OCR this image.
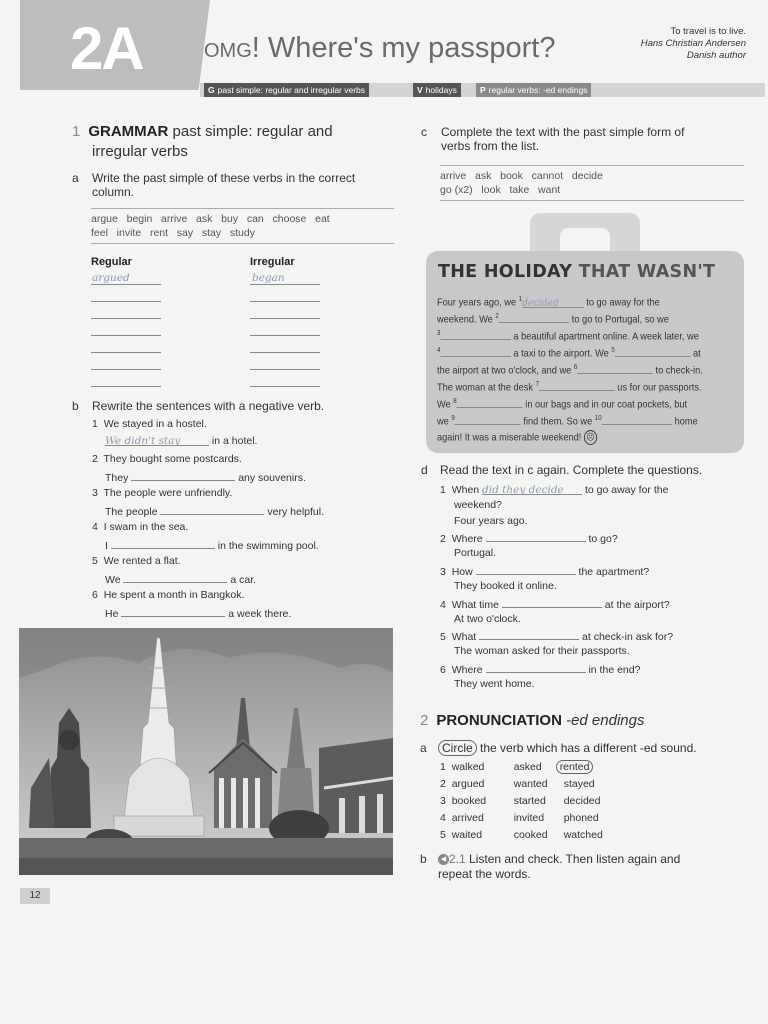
2A	OMG! Where's my passport?
To travel is to live.
Hans Christian Andersen
Danish author
G past simple: regular and irregular verbs	V holidays	P regular verbs: -ed endings
1 GRAMMAR past simple: regular and
irregular verbs
a Write the past simple of these verbs in the correct
column.
argue   begin   arrive   ask   buy   can   choose   eat
feel   invite   rent   say   stay   study
Regular	Irregular
argued	began
b Rewrite the sentences with a negative verb.
1 We stayed in a hostel.
We didn't stay	in a hotel.
2 They bought some postcards.
They	any souvenirs.
3 The people were unfriendly.
The people	very helpful.
4 I swam in the sea.
I	in the swimming pool.
5 We rented a flat.
We	a car.
6 He spent a month in Bangkok.
He	a week there.
12
c Complete the text with the past simple form of
verbs from the list.
arrive   ask   book   cannot   decide
go (x2)   look   take   want
THE HOLIDAY THAT WASN'T
Four years ago, we $^1$decided to go away for the
weekend. We $^2$	to go to Portugal, so we
$^3$	a beautiful apartment online. A week later, we
$^4$	a taxi to the airport. We $^5$	at
the airport at two o'clock, and we $^6$	to check-in.
The woman at the desk $^7$	us for our passports.
We $^8$	in our bags and in our coat pockets, but
we $^9$	find them. So we $^{10}$	home
again! It was a miserable weekend! ☹
d Read the text in c again. Complete the questions.
1 When did they decide to go away for the
weekend?
Four years ago.
2 Where	to go?
Portugal.
3 How	the apartment?
They booked it online.
4 What time	at the airport?
At two o'clock.
5 What	at check-in ask for?
The woman asked for their passports.
6 Where	in the end?
They went home.
2 PRONUNCIATION -ed endings
a	Circle the verb which has a different -ed sound.
1 walked	asked rented
2 argued	wanted stayed
3 booked	started decided
4 arrived	invited phoned
5 waited	cooked watched
b	◀ 2.1 Listen and check. Then listen again and
repeat the words.
